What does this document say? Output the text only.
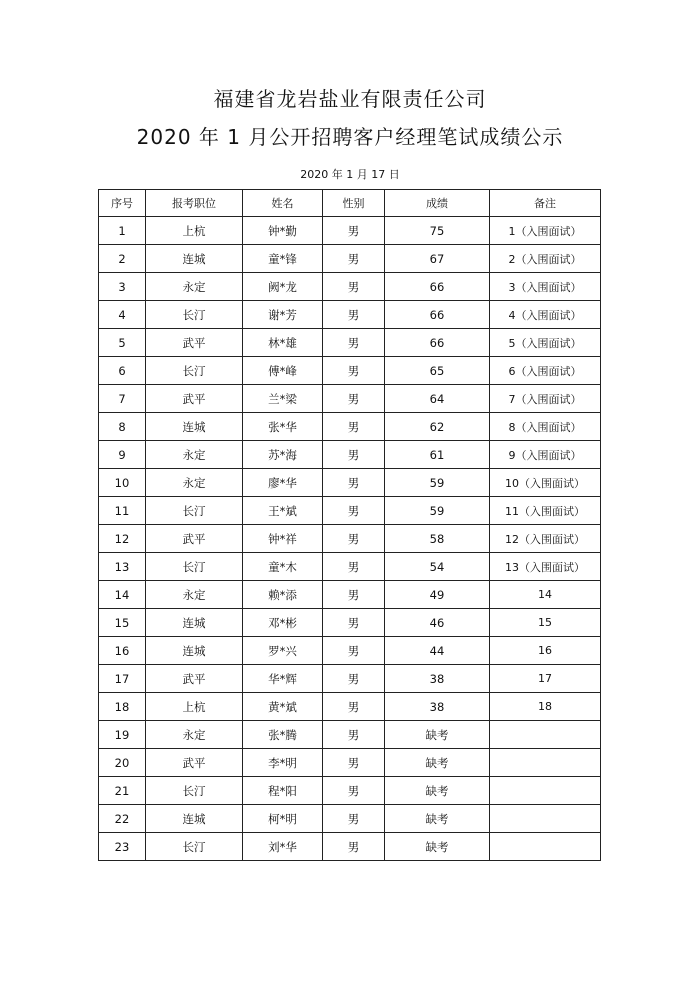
福建省龙岩盐业有限责任公司
2020 年 1 月公开招聘客户经理笔试成绩公示
2020 年 1 月 17 日
序号	报考职位	姓名	性别	成绩	备注
1	上杭	钟*勤	男	75	1（入围面试）
2	连城	童*锋	男	67	2（入围面试）
3	永定	阙*龙	男	66	3（入围面试）
4	长汀	谢*芳	男	66	4（入围面试）
5	武平	林*雄	男	66	5（入围面试）
6	长汀	傅*峰	男	65	6（入围面试）
7	武平	兰*梁	男	64	7（入围面试）
8	连城	张*华	男	62	8（入围面试）
9	永定	苏*海	男	61	9（入围面试）
10	永定	廖*华	男	59	10（入围面试）
11	长汀	王*斌	男	59	11（入围面试）
12	武平	钟*祥	男	58	12（入围面试）
13	长汀	童*木	男	54	13（入围面试）
14	永定	赖*添	男	49	14
15	连城	邓*彬	男	46	15
16	连城	罗*兴	男	44	16
17	武平	华*辉	男	38	17
18	上杭	黄*斌	男	38	18
19	永定	张*腾	男	缺考	
20	武平	李*明	男	缺考	
21	长汀	程*阳	男	缺考	
22	连城	柯*明	男	缺考	
23	长汀	刘*华	男	缺考	
